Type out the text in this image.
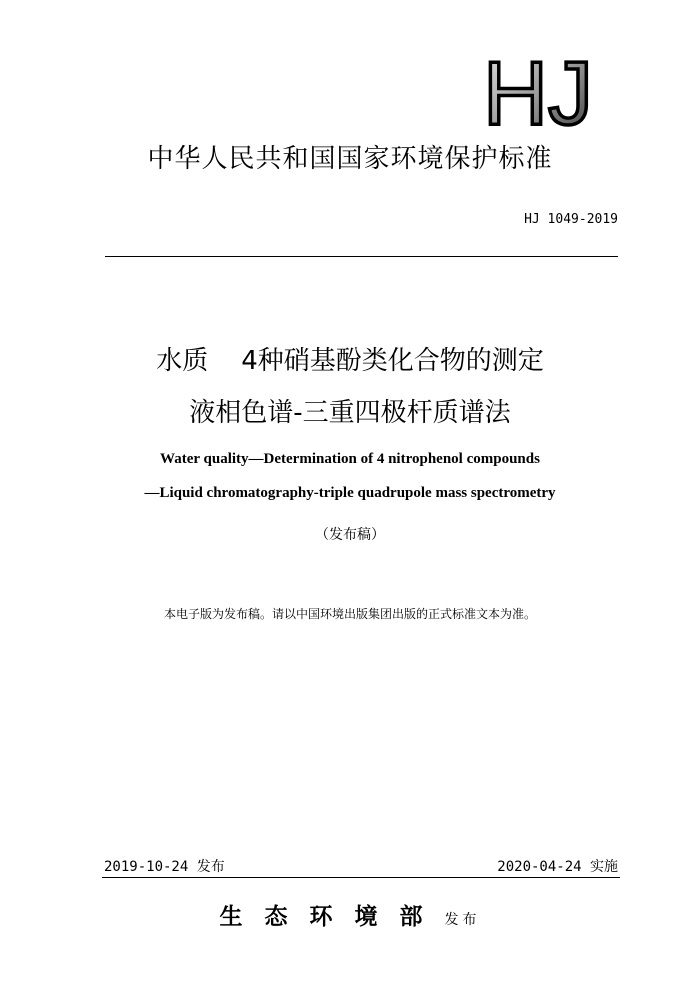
HJ
中华人民共和国国家环境保护标准
HJ 1049-2019
水质    4种硝基酚类化合物的测定
液相色谱-三重四极杆质谱法
Water quality—Determination of 4 nitrophenol compounds
—Liquid chromatography-triple quadrupole mass spectrometry
（发布稿）
本电子版为发布稿。请以中国环境出版集团出版的正式标准文本为准。
2019-10-24 发布	2020-04-24 实施
生态环境部发布
